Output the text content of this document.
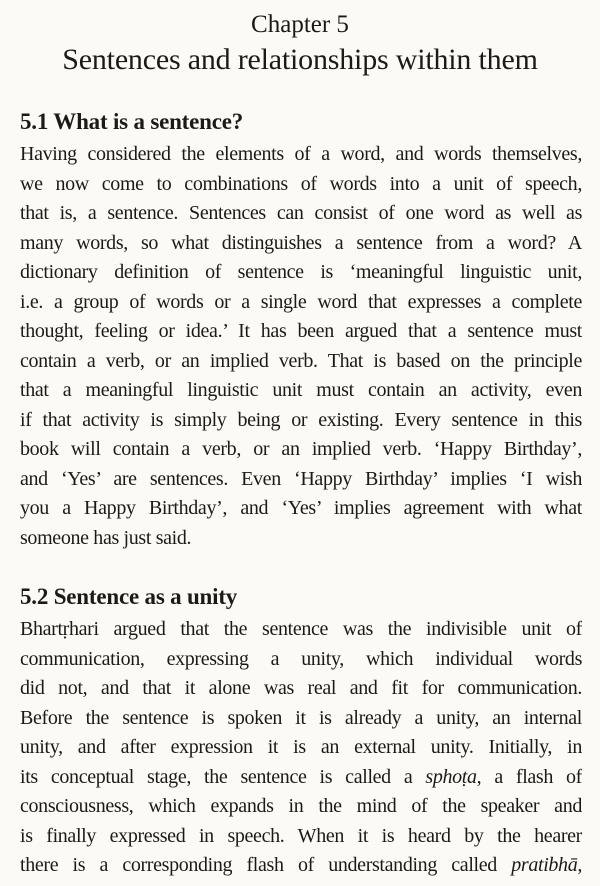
Chapter 5
Sentences and relationships within them
5.1 What is a sentence?
Having considered the elements of a word, and words themselves,
we now come to combinations of words into a unit of speech,
that is, a sentence. Sentences can consist of one word as well as
many words, so what distinguishes a sentence from a word? A
dictionary definition of sentence is ‘meaningful linguistic unit,
i.e. a group of words or a single word that expresses a complete
thought, feeling or idea.’ It has been argued that a sentence must
contain a verb, or an implied verb. That is based on the principle
that a meaningful linguistic unit must contain an activity, even
if that activity is simply being or existing. Every sentence in this
book will contain a verb, or an implied verb. ‘Happy Birthday’,
and ‘Yes’ are sentences. Even ‘Happy Birthday’ implies ‘I wish
you a Happy Birthday’, and ‘Yes’ implies agreement with what
someone has just said.
5.2 Sentence as a unity
Bhartṛhari argued that the sentence was the indivisible unit of
communication, expressing a unity, which individual words
did not, and that it alone was real and fit for communication.
Before the sentence is spoken it is already a unity, an internal
unity, and after expression it is an external unity. Initially, in
its conceptual stage, the sentence is called a sphoṭa, a flash of
consciousness, which expands in the mind of the speaker and
is finally expressed in speech. When it is heard by the hearer
there is a corresponding flash of understanding called pratibhā,
